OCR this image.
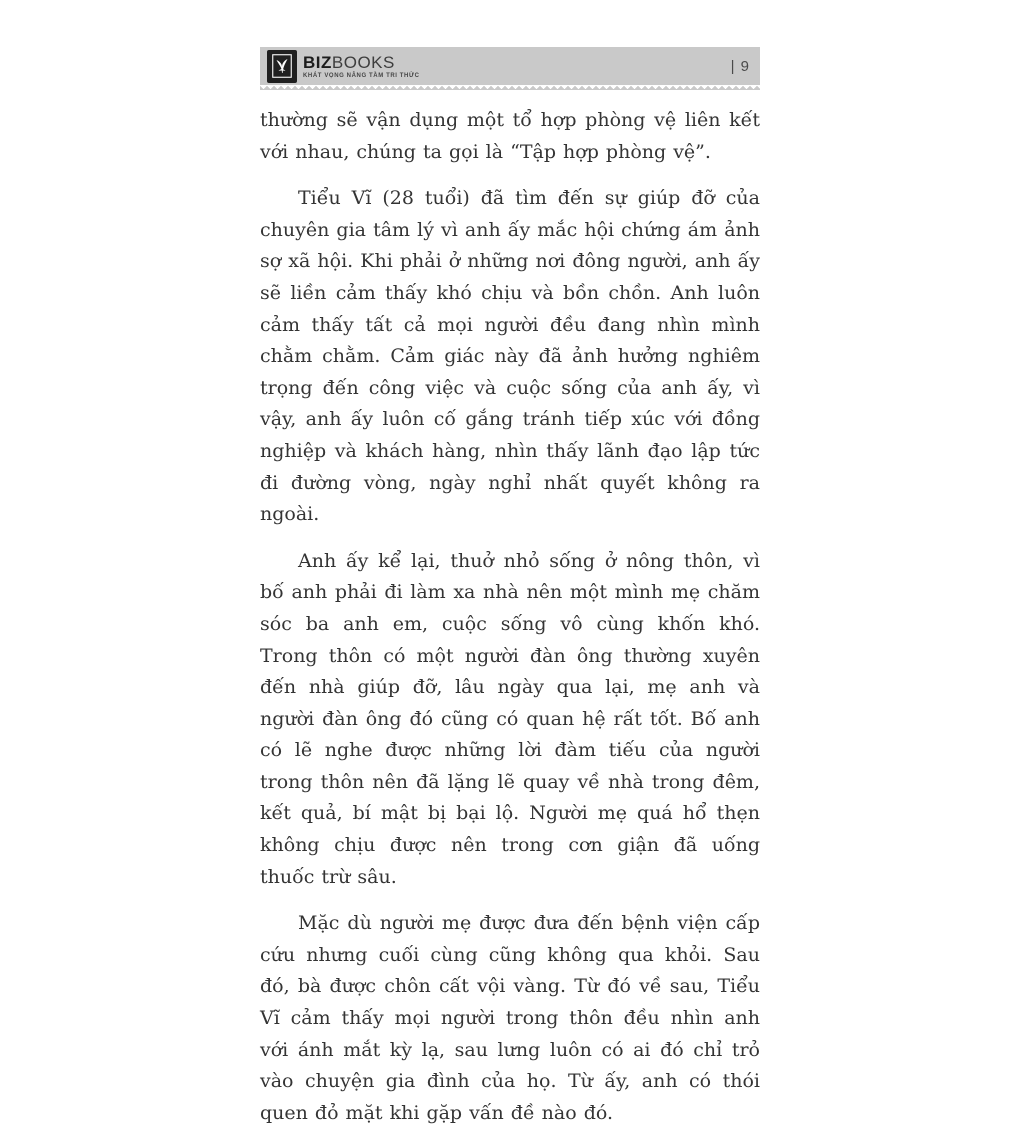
BIZBOOKS
KHÁT VỌNG NÂNG TẦM TRI THỨC
| 9

thường sẽ vận dụng một tổ hợp phòng vệ liên kết với nhau, chúng ta gọi là “Tập hợp phòng vệ”.

Tiểu Vĩ (28 tuổi) đã tìm đến sự giúp đỡ của chuyên gia tâm lý vì anh ấy mắc hội chứng ám ảnh sợ xã hội. Khi phải ở những nơi đông người, anh ấy sẽ liền cảm thấy khó chịu và bồn chồn. Anh luôn cảm thấy tất cả mọi người đều đang nhìn mình chằm chằm. Cảm giác này đã ảnh hưởng nghiêm trọng đến công việc và cuộc sống của anh ấy, vì vậy, anh ấy luôn cố gắng tránh tiếp xúc với đồng nghiệp và khách hàng, nhìn thấy lãnh đạo lập tức đi đường vòng, ngày nghỉ nhất quyết không ra ngoài.

Anh ấy kể lại, thuở nhỏ sống ở nông thôn, vì bố anh phải đi làm xa nhà nên một mình mẹ chăm sóc ba anh em, cuộc sống vô cùng khốn khó. Trong thôn có một người đàn ông thường xuyên đến nhà giúp đỡ, lâu ngày qua lại, mẹ anh và người đàn ông đó cũng có quan hệ rất tốt. Bố anh có lẽ nghe được những lời đàm tiếu của người trong thôn nên đã lặng lẽ quay về nhà trong đêm, kết quả, bí mật bị bại lộ. Người mẹ quá hổ thẹn không chịu được nên trong cơn giận đã uống thuốc trừ sâu.

Mặc dù người mẹ được đưa đến bệnh viện cấp cứu nhưng cuối cùng cũng không qua khỏi. Sau đó, bà được chôn cất vội vàng. Từ đó về sau, Tiểu Vĩ cảm thấy mọi người trong thôn đều nhìn anh với ánh mắt kỳ lạ, sau lưng luôn có ai đó chỉ trỏ vào chuyện gia đình của họ. Từ ấy, anh có thói quen đỏ mặt khi gặp vấn đề nào đó.
